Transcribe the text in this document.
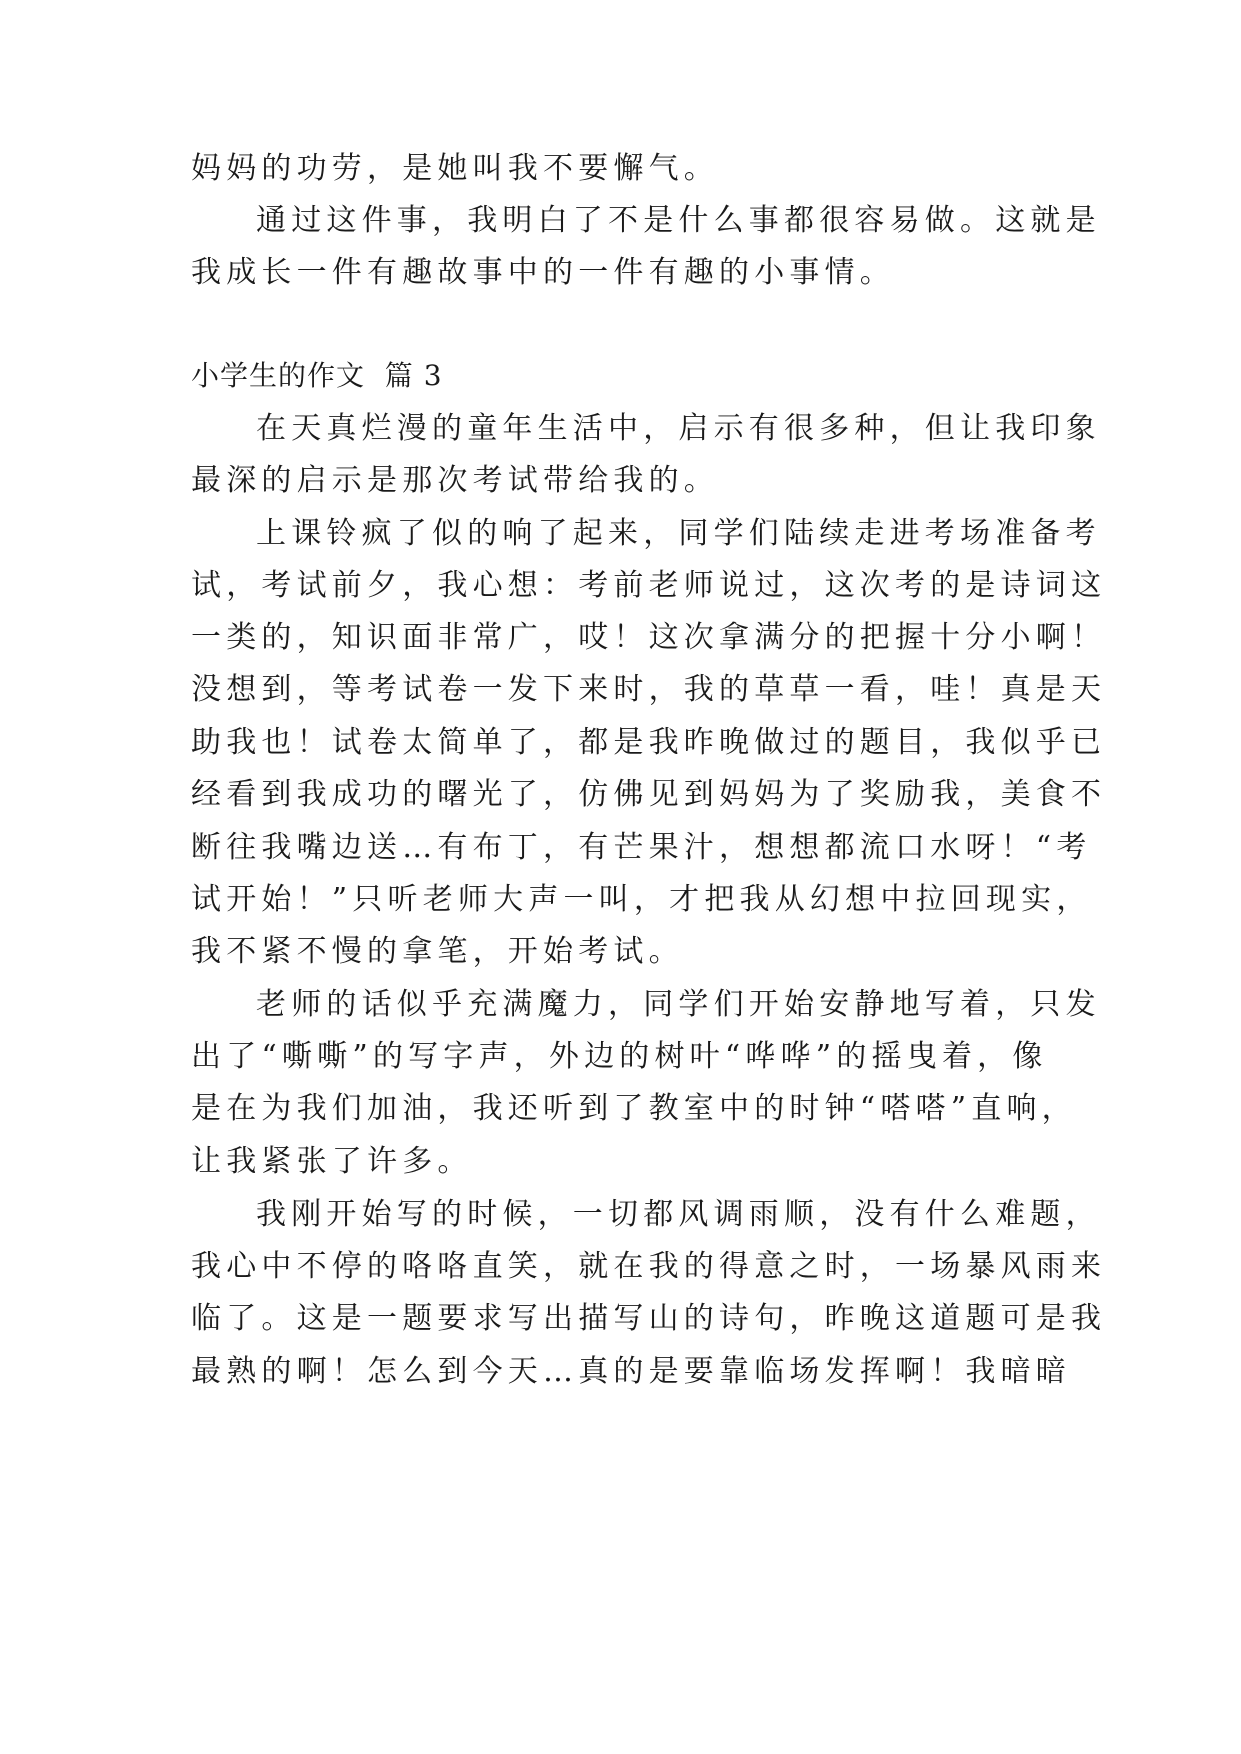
妈妈的功劳，是她叫我不要懈气。
通过这件事，我明白了不是什么事都很容易做。这就是
我成长一件有趣故事中的一件有趣的小事情。
小学生的作文  篇 3
在天真烂漫的童年生活中，启示有很多种，但让我印象
最深的启示是那次考试带给我的。
上课铃疯了似的响了起来，同学们陆续走进考场准备考
试，考试前夕，我心想：考前老师说过，这次考的是诗词这
一类的，知识面非常广，哎！这次拿满分的把握十分小啊！
没想到，等考试卷一发下来时，我的草草一看，哇！真是天
助我也！试卷太简单了，都是我昨晚做过的题目，我似乎已
经看到我成功的曙光了，仿佛见到妈妈为了奖励我，美食不
断往我嘴边送…有布丁，有芒果汁，想想都流口水呀！“考
试开始！”只听老师大声一叫，才把我从幻想中拉回现实，
我不紧不慢的拿笔，开始考试。
老师的话似乎充满魔力，同学们开始安静地写着，只发
出了“嘶嘶”的写字声，外边的树叶“哗哗”的摇曳着，像
是在为我们加油，我还听到了教室中的时钟“嗒嗒”直响，
让我紧张了许多。
我刚开始写的时候，一切都风调雨顺，没有什么难题，
我心中不停的咯咯直笑，就在我的得意之时，一场暴风雨来
临了。这是一题要求写出描写山的诗句，昨晚这道题可是我
最熟的啊！怎么到今天…真的是要靠临场发挥啊！我暗暗
